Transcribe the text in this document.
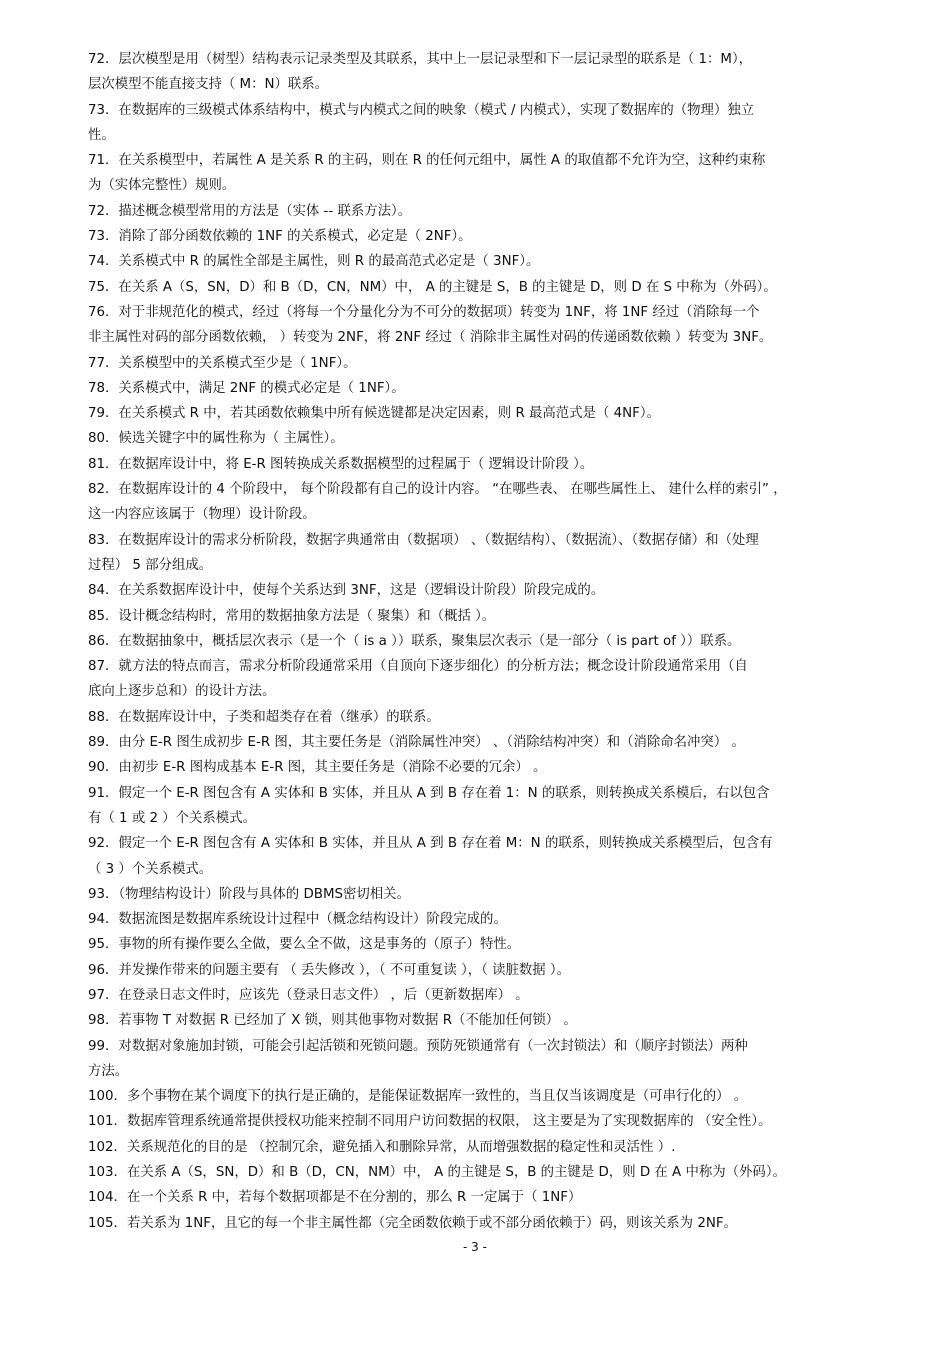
72．层次模型是用（树型）结构表示记录类型及其联系，其中上一层记录型和下一层记录型的联系是（ 1：M），
层次模型不能直接支持（ M：N）联系。
73．在数据库的三级模式体系结构中，模式与内模式之间的映象（模式 / 内模式），实现了数据库的（物理）独立
性。
71．在关系模型中，若属性 A 是关系 R 的主码，则在 R 的任何元组中，属性 A 的取值都不允许为空，这种约束称
为（实体完整性）规则。
72．描述概念模型常用的方法是（实体 -- 联系方法）。
73．消除了部分函数依赖的 1NF 的关系模式，必定是（ 2NF）。
74．关系模式中 R 的属性全部是主属性，则 R 的最高范式必定是（ 3NF）。
75．在关系 A（S，SN，D）和 B（D，CN，NM）中， A 的主键是 S，B 的主键是 D，则 D 在 S 中称为（外码）。
76．对于非规范化的模式，经过（将每一个分量化分为不可分的数据项）转变为 1NF，将 1NF 经过（消除每一个
非主属性对码的部分函数依赖， ）转变为 2NF，将 2NF 经过（ 消除非主属性对码的传递函数依赖 ）转变为 3NF。
77．关系模型中的关系模式至少是（ 1NF）。
78．关系模式中，满足 2NF 的模式必定是（ 1NF）。
79．在关系模式 R 中，若其函数依赖集中所有候选键都是决定因素，则 R 最高范式是（ 4NF）。
80．候选关键字中的属性称为（ 主属性）。
81．在数据库设计中，将 E-R 图转换成关系数据模型的过程属于（ 逻辑设计阶段 ）。
82．在数据库设计的 4 个阶段中， 每个阶段都有自己的设计内容。 “在哪些表、 在哪些属性上、 建什么样的索引” ，
这一内容应该属于（物理）设计阶段。
83．在数据库设计的需求分析阶段，数据字典通常由（数据项） 、（数据结构）、（数据流）、（数据存储）和（处理
过程） 5 部分组成。
84．在关系数据库设计中，使每个关系达到 3NF，这是（逻辑设计阶段）阶段完成的。
85．设计概念结构时，常用的数据抽象方法是（ 聚集）和（概括 ）。
86．在数据抽象中，概括层次表示（是一个（ is a ））联系，聚集层次表示（是一部分（ is part of ））联系。
87．就方法的特点而言，需求分析阶段通常采用（自顶向下逐步细化）的分析方法；概念设计阶段通常采用（自
底向上逐步总和）的设计方法。
88．在数据库设计中，子类和超类存在着（继承）的联系。
89．由分 E-R 图生成初步 E-R 图，其主要任务是（消除属性冲突） 、（消除结构冲突）和（消除命名冲突） 。
90．由初步 E-R 图构成基本 E-R 图，其主要任务是（消除不必要的冗余） 。
91．假定一个 E-R 图包含有 A 实体和 B 实体，并且从 A 到 B 存在着 1：N 的联系，则转换成关系模后，右以包含
有（ 1 或 2 ）个关系模式。
92．假定一个 E-R 图包含有 A 实体和 B 实体，并且从 A 到 B 存在着 M：N 的联系，则转换成关系模型后，包含有
（ 3 ）个关系模式。
93．（物理结构设计）阶段与具体的 DBMS密切相关。
94．数据流图是数据库系统设计过程中（概念结构设计）阶段完成的。
95．事物的所有操作要么全做，要么全不做，这是事务的（原子）特性。
96．并发操作带来的问题主要有 （ 丢失修改 ），（ 不可重复读 ），（ 读脏数据 ）。
97．在登录日志文件时，应该先（登录日志文件） ，后（更新数据库） 。
98．若事物 T 对数据 R 已经加了 X 锁，则其他事物对数据 R（不能加任何锁） 。
99．对数据对象施加封锁，可能会引起活锁和死锁问题。预防死锁通常有（一次封锁法）和（顺序封锁法）两种
方法。
100．多个事物在某个调度下的执行是正确的，是能保证数据库一致性的，当且仅当该调度是（可串行化的） 。
101．数据库管理系统通常提供授权功能来控制不同用户访问数据的权限， 这主要是为了实现数据库的 （安全性）。
102．关系规范化的目的是 （控制冗余，避免插入和删除异常，从而增强数据的稳定性和灵活性 ）.
103．在关系 A（S，SN，D）和 B（D，CN，NM）中， A 的主键是 S，B 的主键是 D，则 D 在 A 中称为（外码）。
104．在一个关系 R 中，若每个数据项都是不在分割的，那么 R 一定属于（ 1NF）
105．若关系为 1NF，且它的每一个非主属性都（完全函数依赖于或不部分函依赖于）码，则该关系为 2NF。
- 3 -
